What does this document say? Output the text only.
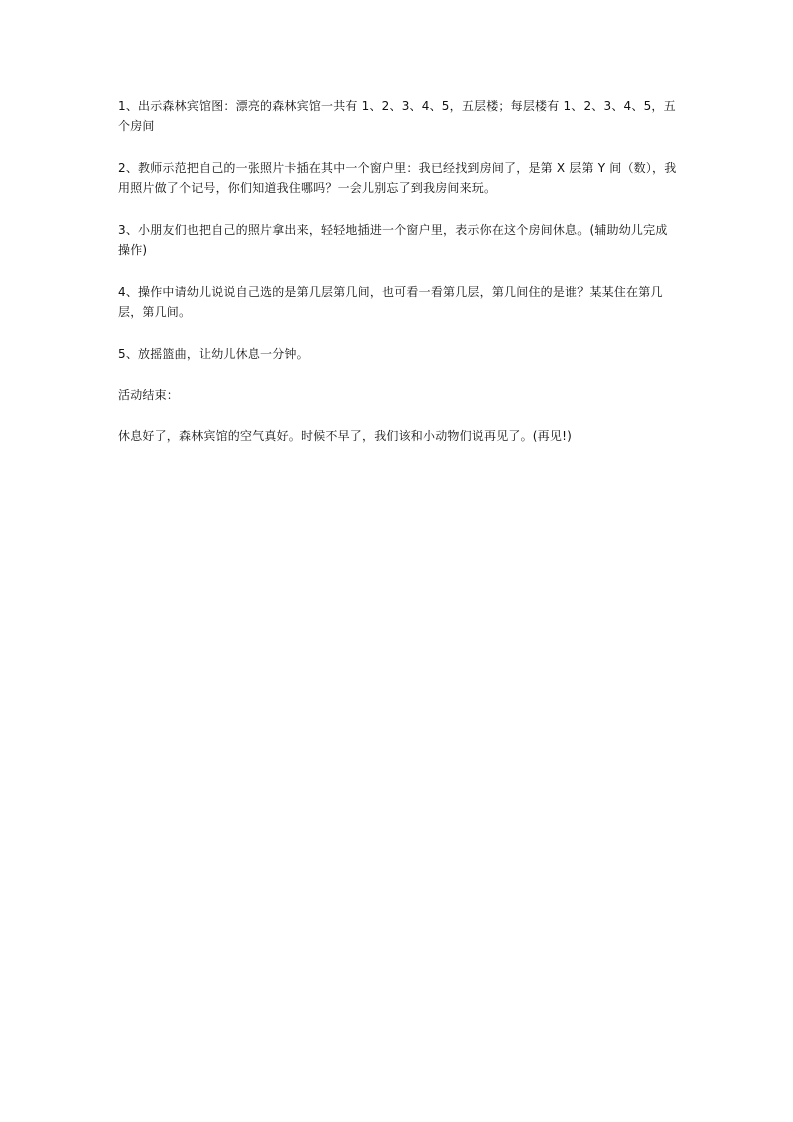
1、出示森林宾馆图：漂亮的森林宾馆一共有 1、2、3、4、5，五层楼；每层楼有 1、2、3、4、5，五个房间

2、教师示范把自己的一张照片卡插在其中一个窗户里：我已经找到房间了，是第 X 层第 Y 间（数），我用照片做了个记号，你们知道我住哪吗？一会儿别忘了到我房间来玩。

3、小朋友们也把自己的照片拿出来，轻轻地插进一个窗户里，表示你在这个房间休息。(辅助幼儿完成操作)

4、操作中请幼儿说说自己选的是第几层第几间，也可看一看第几层，第几间住的是谁？某某住在第几层，第几间。

5、放摇篮曲，让幼儿休息一分钟。

活动结束：

休息好了，森林宾馆的空气真好。时候不早了，我们该和小动物们说再见了。(再见!)
